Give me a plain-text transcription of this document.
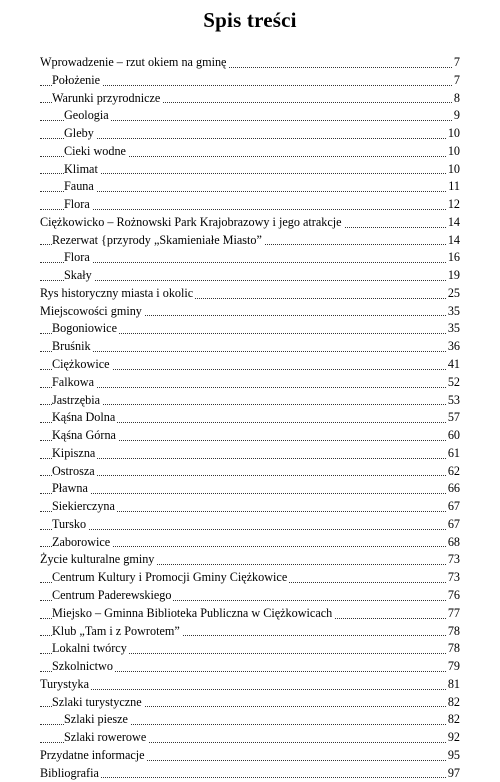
Spis treści
Wprowadzenie – rzut okiem na gminę	7
Położenie	7
Warunki przyrodnicze	8
Geologia	9
Gleby	10
Cieki wodne	10
Klimat	10
Fauna	11
Flora	12
Ciężkowicko – Rożnowski Park Krajobrazowy i jego atrakcje	14
Rezerwat {przyrody „Skamieniałe Miasto”	14
Flora	16
Skały	19
Rys historyczny miasta i okolic	25
Miejscowości gminy	35
Bogoniowice	35
Bruśnik	36
Ciężkowice	41
Falkowa	52
Jastrzębia	53
Kąśna Dolna	57
Kąśna Górna	60
Kipiszna	61
Ostrosza	62
Pławna	66
Siekierczyna	67
Tursko	67
Zaborowice	68
Życie kulturalne gminy	73
Centrum Kultury i Promocji Gminy Ciężkowice	73
Centrum Paderewskiego	76
Miejsko – Gminna Biblioteka Publiczna w Ciężkowicach	77
Klub „Tam i z Powrotem”	78
Lokalni twórcy	78
Szkolnictwo	79
Turystyka	81
Szlaki turystyczne	82
Szlaki piesze	82
Szlaki rowerowe	92
Przydatne informacje	95
Bibliografia	97
